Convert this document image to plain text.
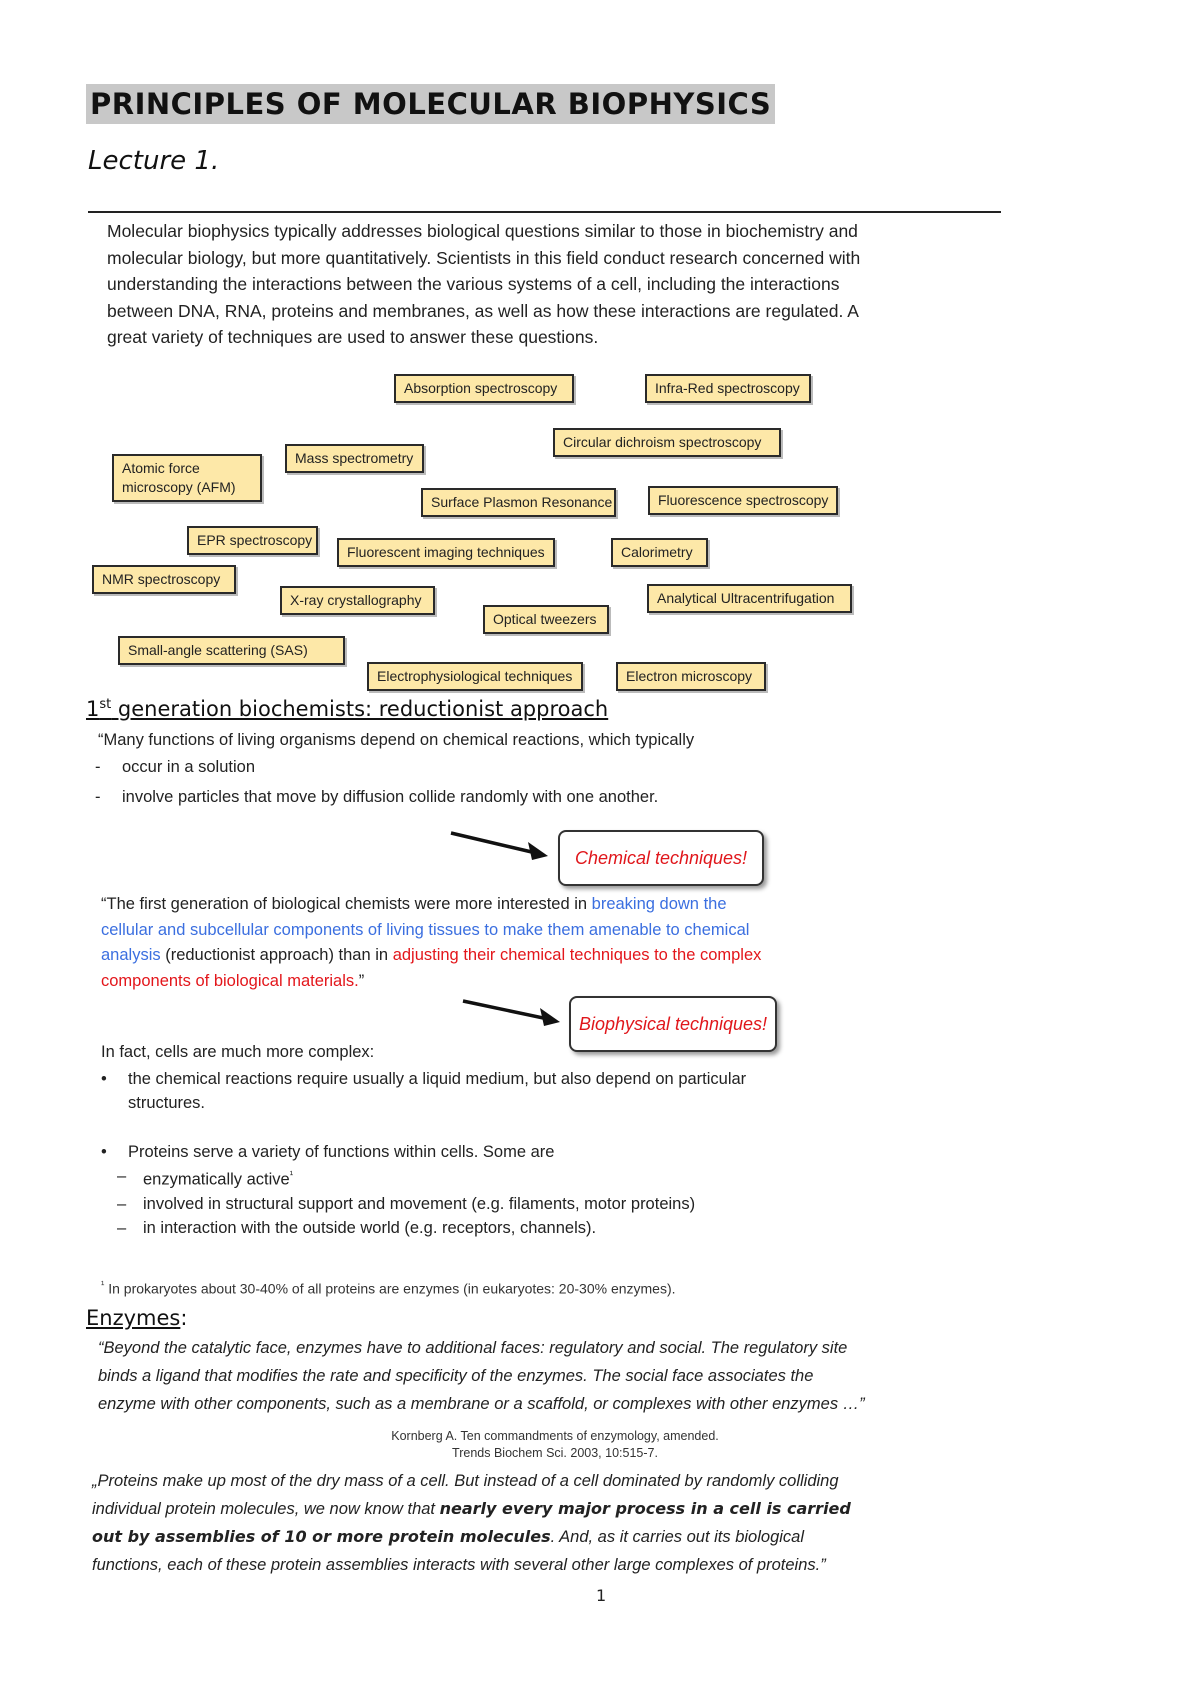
PRINCIPLES OF MOLECULAR BIOPHYSICS
Lecture 1.
Molecular biophysics typically addresses biological questions similar to those in biochemistry and molecular biology, but more quantitatively. Scientists in this field conduct research concerned with understanding the interactions between the various systems of a cell, including the interactions between DNA, RNA, proteins and membranes, as well as how these interactions are regulated. A great variety of techniques are used to answer these questions.
Absorption spectroscopy	Infra-Red spectroscopy
Circular dichroism spectroscopy
Atomic force microscopy (AFM)
Mass spectrometry
Surface Plasmon Resonance	Fluorescence spectroscopy
EPR spectroscopy
Fluorescent imaging techniques	Calorimetry
NMR spectroscopy
X-ray crystallography	Analytical Ultracentrifugation
Optical tweezers
Small-angle scattering (SAS)
Electrophysiological techniques	Electron microscopy
1st generation biochemists: reductionist approach
“Many functions of living organisms depend on chemical reactions, which typically
- occur in a solution
- involve particles that move by diffusion collide randomly with one another.
Chemical techniques!
“The first generation of biological chemists were more interested in breaking down the cellular and subcellular components of living tissues to make them amenable to chemical analysis (reductionist approach) than in adjusting their chemical techniques to the complex components of biological materials.”
Biophysical techniques!
In fact, cells are much more complex:
• the chemical reactions require usually a liquid medium, but also depend on particular structures.
• Proteins serve a variety of functions within cells. Some are
– enzymatically active$^{^1}$
– involved in structural support and movement (e.g. filaments, motor proteins)
– in interaction with the outside world (e.g. receptors, channels).
$^{^1}$ In prokaryotes about 30-40% of all proteins are enzymes (in eukaryotes: 20-30% enzymes).
Enzymes:
“Beyond the catalytic face, enzymes have to additional faces: regulatory and social. The regulatory site binds a ligand that modifies the rate and specificity of the enzymes. The social face associates the enzyme with other components, such as a membrane or a scaffold, or complexes with other enzymes …”
Kornberg A. Ten commandments of enzymology, amended.
Trends Biochem Sci. 2003, 10:515-7.
„Proteins make up most of the dry mass of a cell. But instead of a cell dominated by randomly colliding individual protein molecules, we now know that nearly every major process in a cell is carried out by assemblies of 10 or more protein molecules. And, as it carries out its biological functions, each of these protein assemblies interacts with several other large complexes of proteins.”
1
